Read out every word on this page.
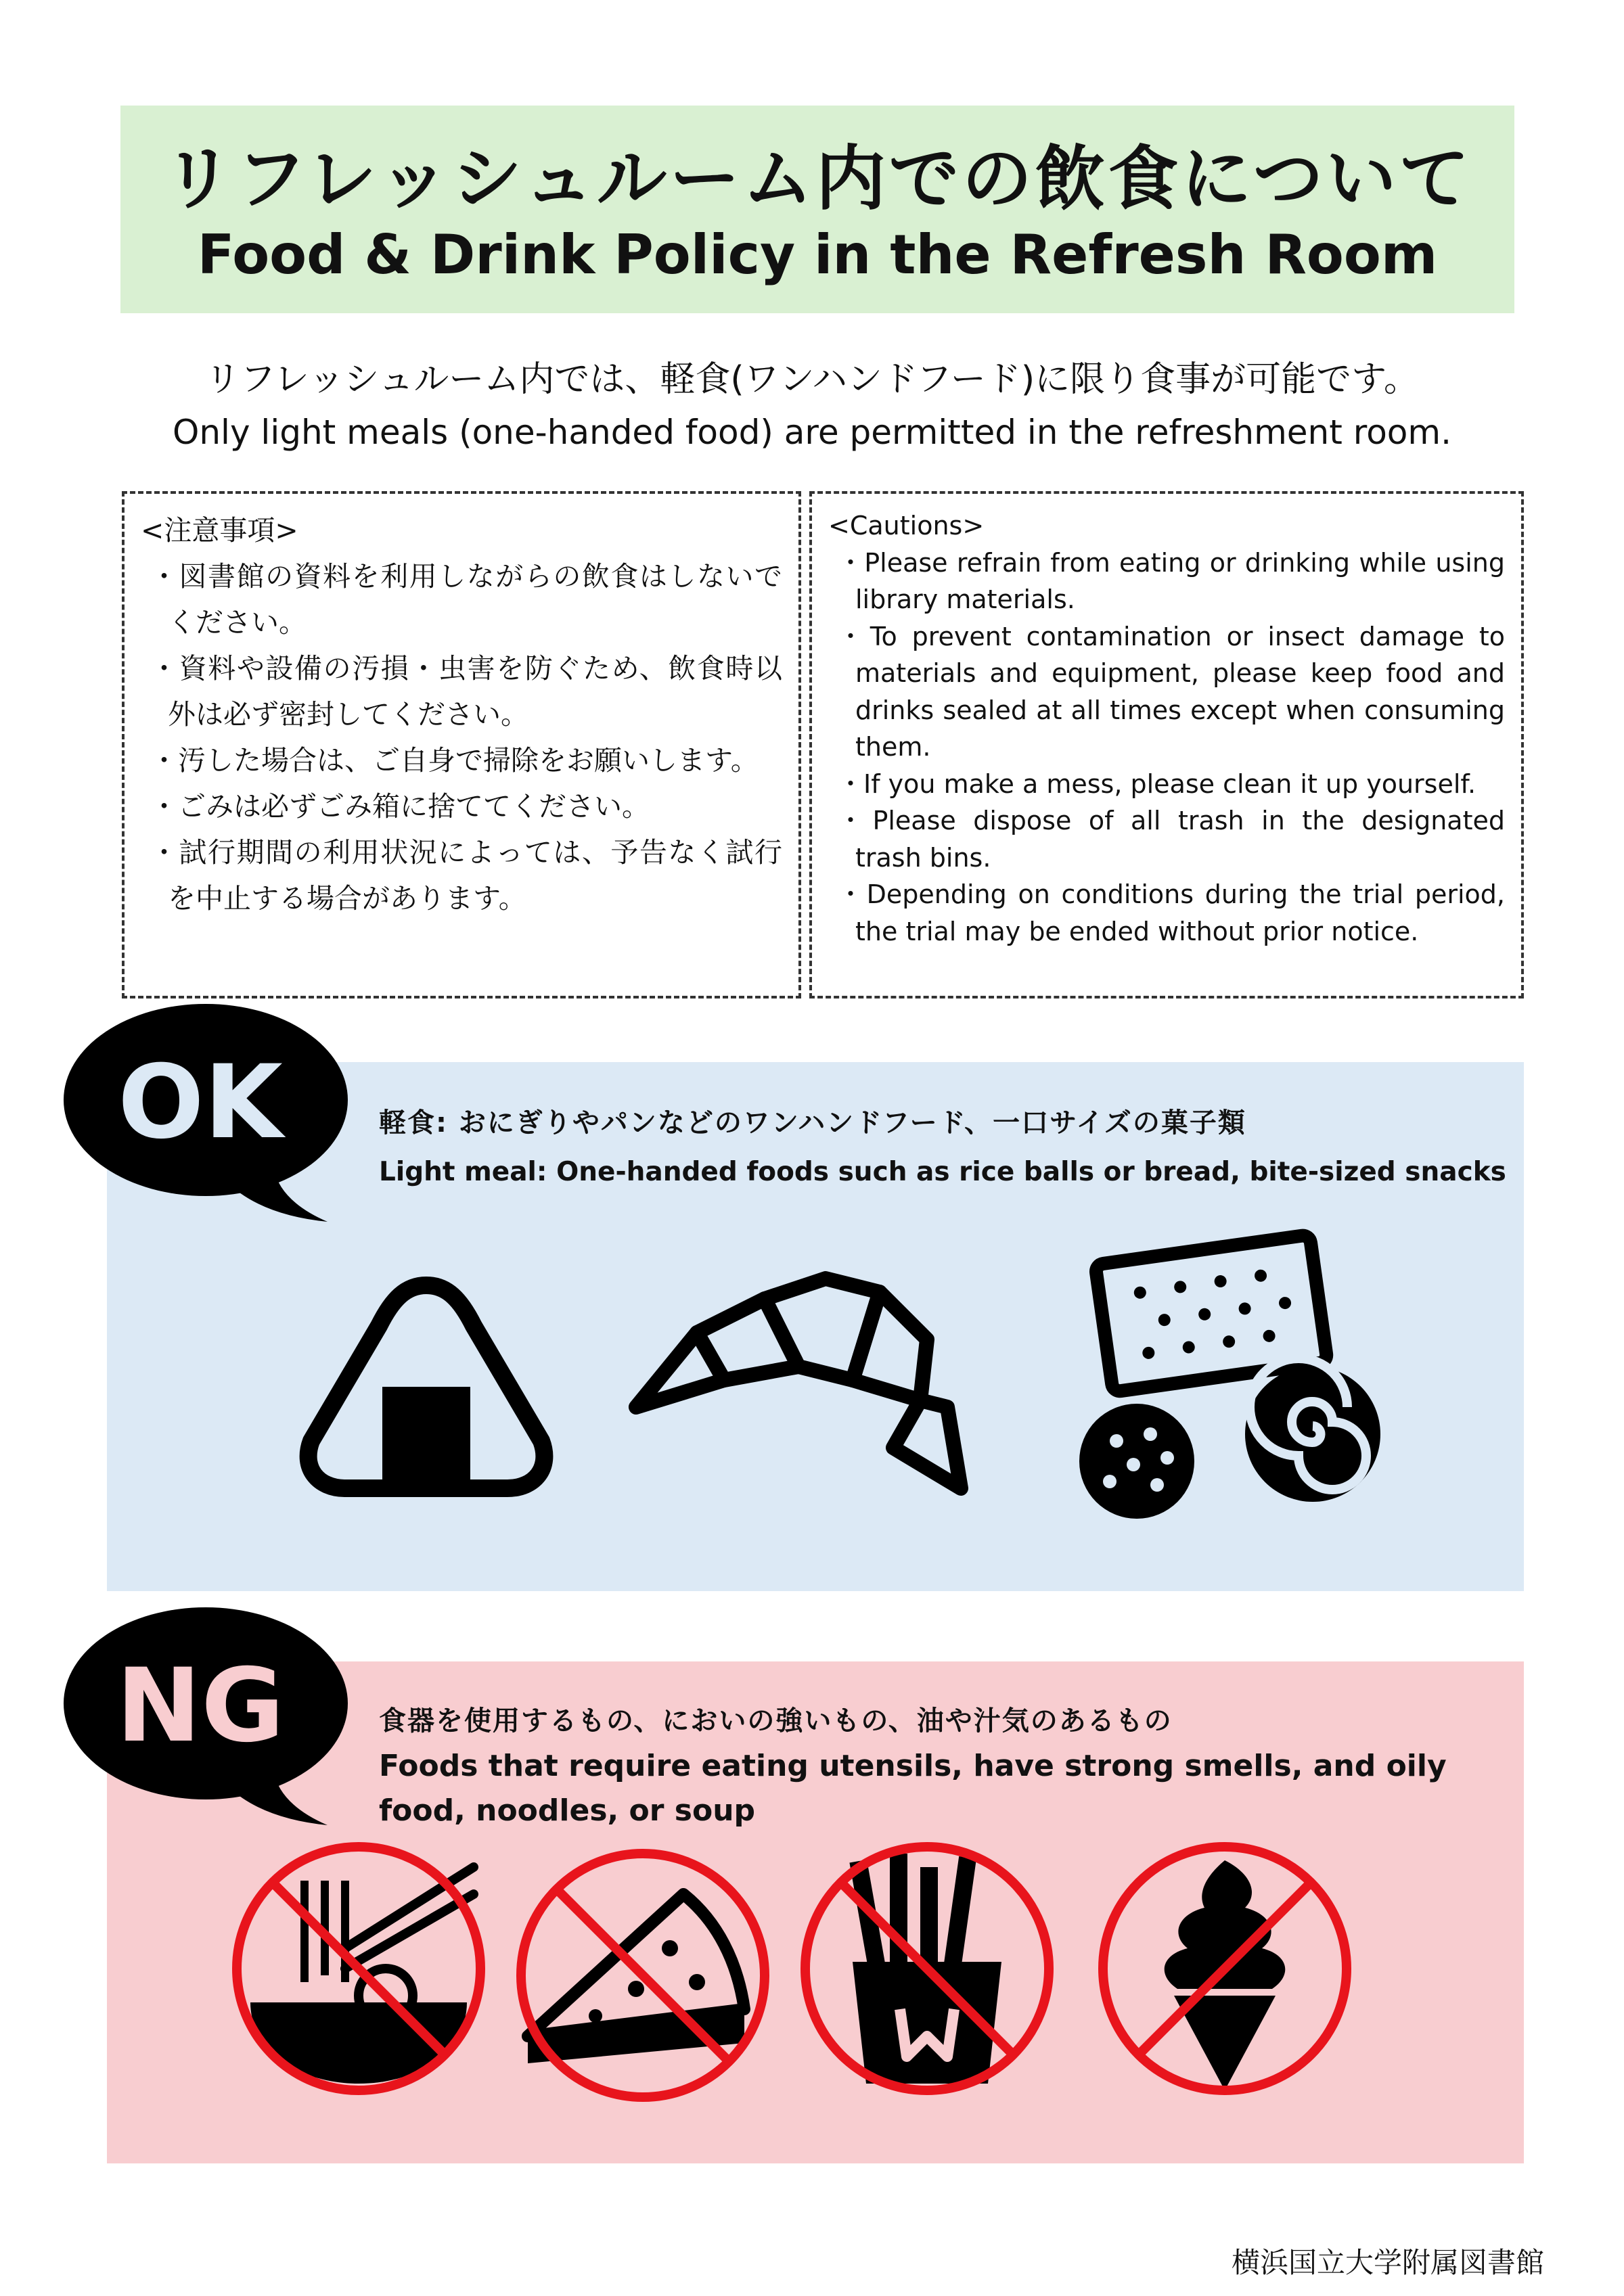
リフレッシュルーム内での飲食について
Food & Drink Policy in the Refresh Room
リフレッシュルーム内では、軽食(ワンハンドフード)に限り食事が可能です。
Only light meals (one-handed food) are permitted in the refreshment room.
<注意事項>
・ 図書館の資料を利用しながらの飲食はしないでください。
・ 資料や設備の汚損・虫害を防ぐため、飲食時以外は必ず密封してください。
・ 汚した場合は、ご自身で掃除をお願いします。
・ ごみは必ずごみ箱に捨ててください。
・ 試行期間の利用状況によっては、予告なく試行を中止する場合があります。
<Cautions>
・ Please refrain from eating or drinking while using library materials.
・ To prevent contamination or insect damage to materials and equipment, please keep food and drinks sealed at all times except when consuming them.
・ If you make a mess, please clean it up yourself.
・ Please dispose of all trash in the designated trash bins.
・ Depending on conditions during the trial period, the trial may be ended without prior notice.
OK	軽食: おにぎりやパンなどのワンハンドフード、一口サイズの菓子類
Light meal: One-handed foods such as rice balls or bread, bite-sized snacks
NG	食器を使用するもの、においの強いもの、油や汁気のあるもの
Foods that require eating utensils, have strong smells, and oily food, noodles, or soup
横浜国立大学附属図書館
